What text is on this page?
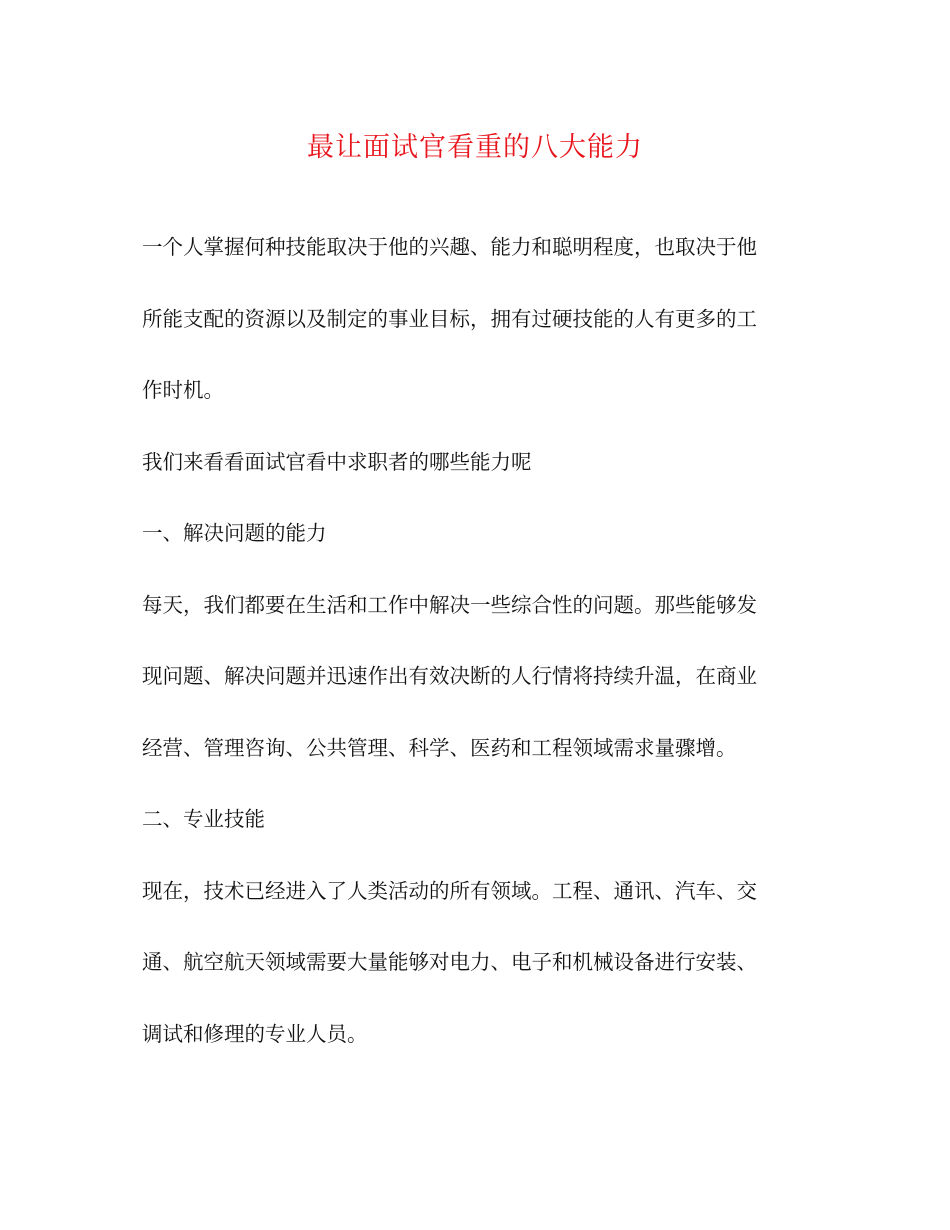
最让面试官看重的八大能力
一个人掌握何种技能取决于他的兴趣、能力和聪明程度，也取决于他
所能支配的资源以及制定的事业目标，拥有过硬技能的人有更多的工
作时机。
我们来看看面试官看中求职者的哪些能力呢
一、解决问题的能力
每天，我们都要在生活和工作中解决一些综合性的问题。那些能够发
现问题、解决问题并迅速作出有效决断的人行情将持续升温，在商业
经营、管理咨询、公共管理、科学、医药和工程领域需求量骤增。
二、专业技能
现在，技术已经进入了人类活动的所有领域。工程、通讯、汽车、交
通、航空航天领域需要大量能够对电力、电子和机械设备进行安装、
调试和修理的专业人员。
